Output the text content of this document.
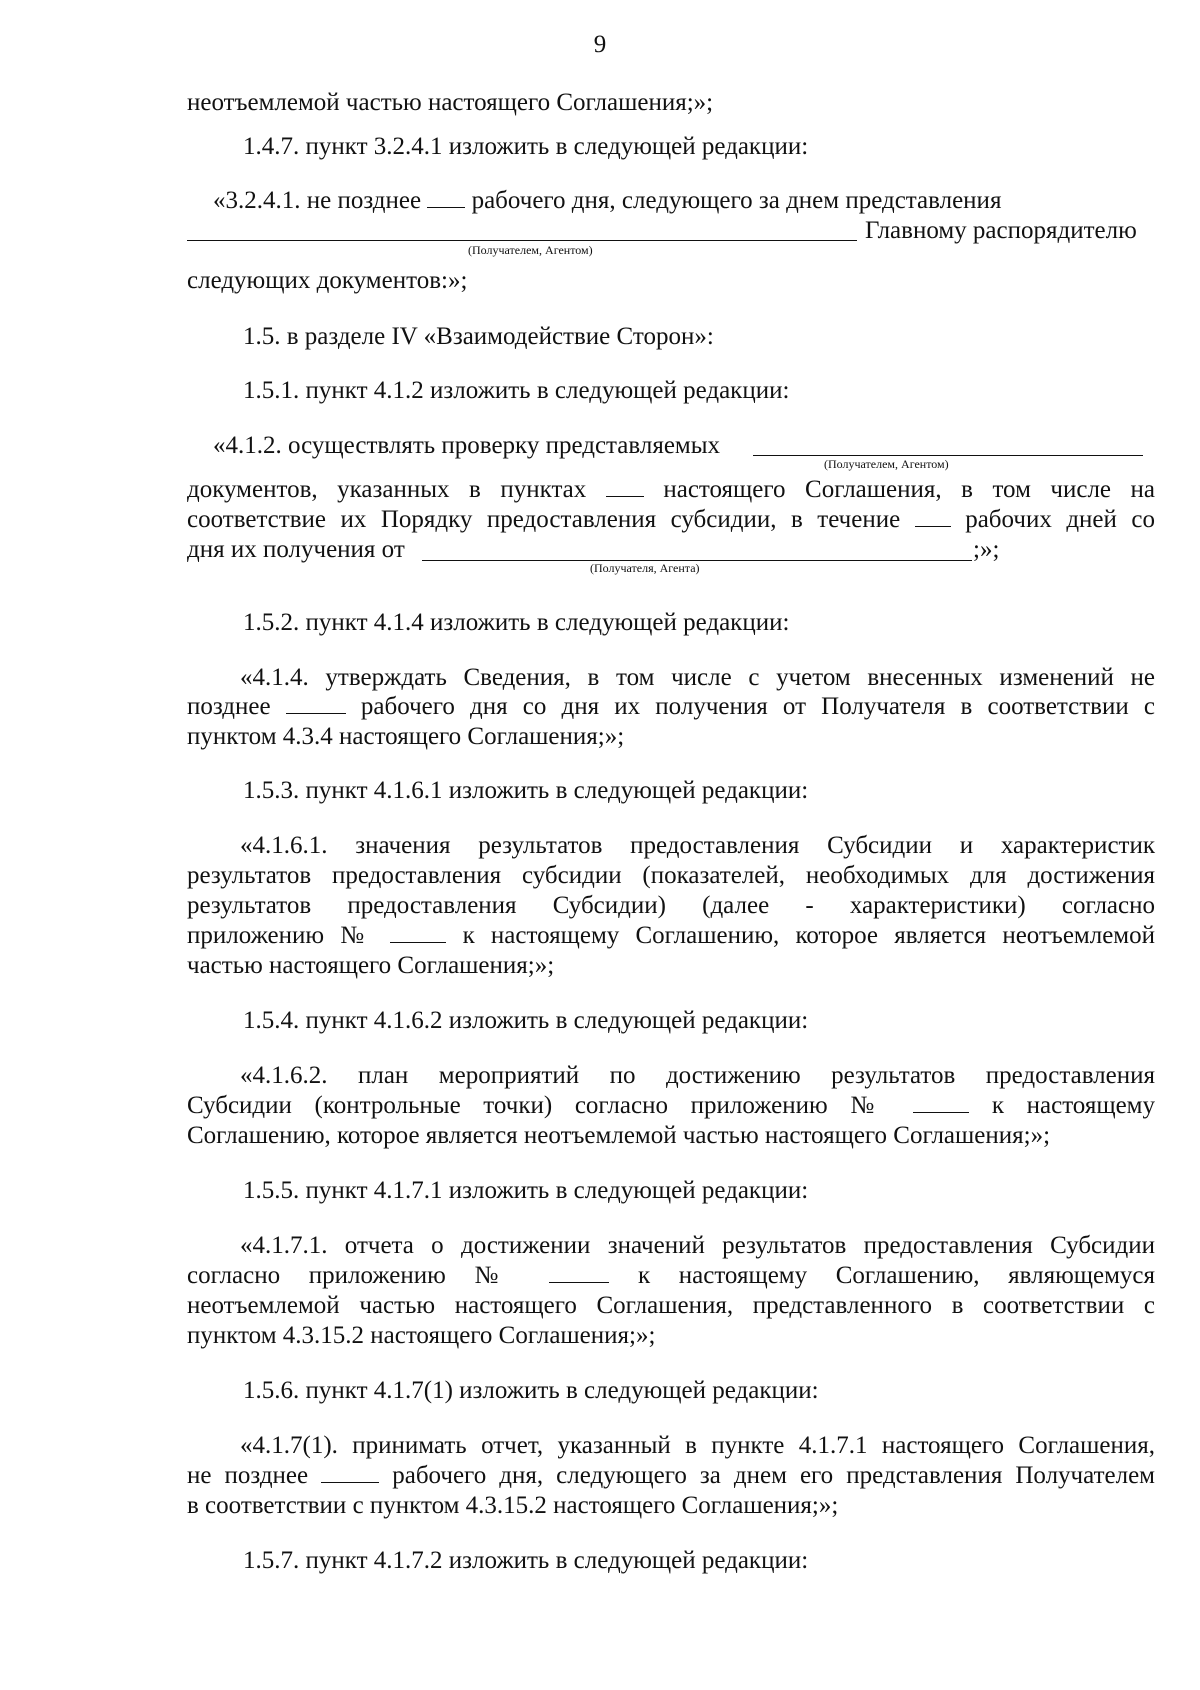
9
неотъемлемой частью настоящего Соглашения;»;
1.4.7. пункт 3.2.4.1 изложить в следующей редакции:
«3.2.4.1. не позднее рабочего дня, следующего за днем представления
Главному распорядителю
(Получателем, Агентом)
следующих документов:»;
1.5. в разделе IV «Взаимодействие Сторон»:
1.5.1. пункт 4.1.2 изложить в следующей редакции:
«4.1.2. осуществлять проверку представляемых
(Получателем, Агентом)
документов, указанных в пунктах	настоящего Соглашения, в том числе на
соответствие их Порядку предоставления субсидии, в течение	рабочих дней со
дня их получения от	;»;
(Получателя, Агента)
1.5.2. пункт 4.1.4 изложить в следующей редакции:
«4.1.4. утверждать Сведения, в том числе с учетом внесенных изменений не
позднее	рабочего дня со дня их получения от Получателя в соответствии с
пунктом 4.3.4 настоящего Соглашения;»;
1.5.3. пункт 4.1.6.1 изложить в следующей редакции:
«4.1.6.1. значения результатов предоставления Субсидии и характеристик
результатов предоставления субсидии (показателей, необходимых для достижения
результатов предоставления Субсидии) (далее - характеристики) согласно
приложению №	к настоящему Соглашению, которое является неотъемлемой
частью настоящего Соглашения;»;
1.5.4. пункт 4.1.6.2 изложить в следующей редакции:
«4.1.6.2. план мероприятий по достижению результатов предоставления
Субсидии (контрольные точки) согласно приложению №	к настоящему
Соглашению, которое является неотъемлемой частью настоящего Соглашения;»;
1.5.5. пункт 4.1.7.1 изложить в следующей редакции:
«4.1.7.1. отчета о достижении значений результатов предоставления Субсидии
согласно приложению №	к настоящему Соглашению, являющемуся
неотъемлемой частью настоящего Соглашения, представленного в соответствии с
пунктом 4.3.15.2 настоящего Соглашения;»;
1.5.6. пункт 4.1.7(1) изложить в следующей редакции:
«4.1.7(1). принимать отчет, указанный в пункте 4.1.7.1 настоящего Соглашения,
не позднее	рабочего дня, следующего за днем его представления Получателем
в соответствии с пунктом 4.3.15.2 настоящего Соглашения;»;
1.5.7. пункт 4.1.7.2 изложить в следующей редакции:
